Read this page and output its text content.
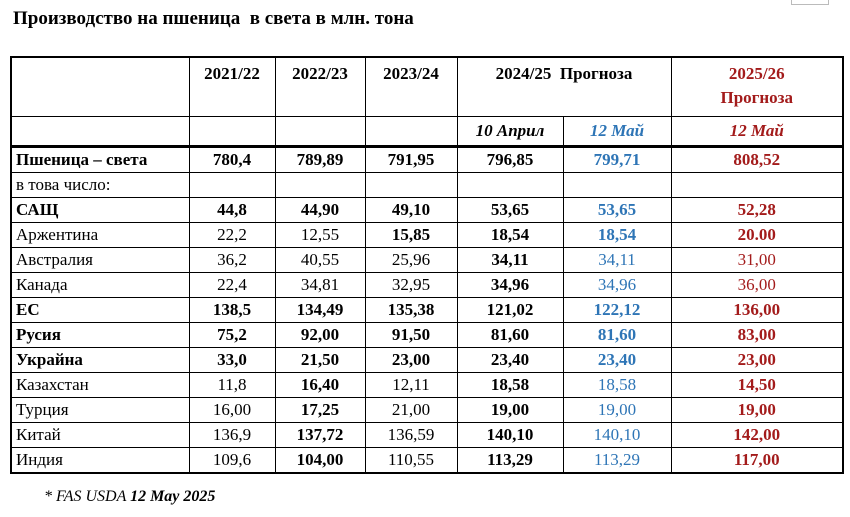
Производство на пшеница  в света в млн. тона
	2021/22	2022/23	2023/24	2024/25  Прогноза		2025/26
Прогноза

				10 Април	12 Май	12 Май
Пшеница – света	780,4	789,89	791,95	796,85	799,71	808,52
в това число:						
САЩ	44,8	44,90	49,10	53,65	53,65	52,28
Аржентина	22,2	12,55	15,85	18,54	18,54	20.00
Австралия	36,2	40,55	25,96	34,11	34,11	31,00
Канада	22,4	34,81	32,95	34,96	34,96	36,00
ЕС	138,5	134,49	135,38	121,02	122,12	136,00
Русия	75,2	92,00	91,50	81,60	81,60	83,00
Украйна	33,0	21,50	23,00	23,40	23,40	23,00
Казахстан	11,8	16,40	12,11	18,58	18,58	14,50
Турция	16,00	17,25	21,00	19,00	19,00	19,00
Китай	136,9	137,72	136,59	140,10	140,10	142,00
Индия	109,6	104,00	110,55	113,29	113,29	117,00
* FAS USDA 12 May 2025
